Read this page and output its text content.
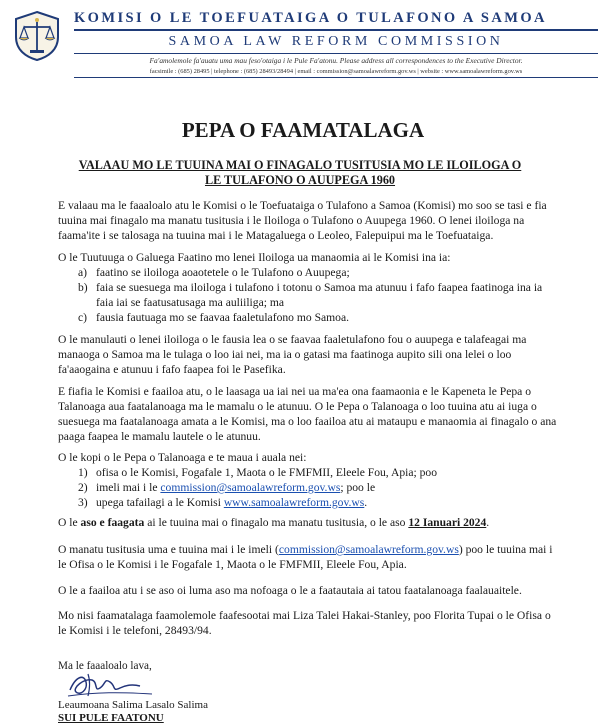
KOMISI O LE TOEFUATAIGA O TULAFONO A SAMOA
SAMOA LAW REFORM COMMISSION
Fa'amolemole fa'auatu uma mau feso'otaiga i le Pule Fa'atonu. Please address all correspondences to the Executive Director.
facsimile : (685) 28495 | telephone : (685) 28493/28494 | email : commission@samoalawreform.gov.ws | website : www.samoalawreform.gov.ws
PEPA O FAAMATALAGA
VALAAU MO LE TUUINA MAI O FINAGALO TUSITUSIA MO LE ILOILOGA O LE TULAFONO O AUUPEGA 1960

E valaau ma le faaaloalo atu le Komisi o le Toefuataiga o Tulafono a Samoa (Komisi) mo soo se tasi e fia tuuina mai finagalo ma manatu tusitusia i le Iloiloga o Tulafono o Auupega 1960. O lenei iloiloga na faama'ite i se talosaga na tuuina mai i le Matagaluega o Leoleo, Falepuipui ma le Toefuataiga.

O le Tuutuuga o Galuega Faatino mo lenei Iloiloga ua manaomia ai le Komisi ina ia:

a) faatino se iloiloga aoaotetele o le Tulafono o Auupega;
b) faia se suesuega ma iloiloga i tulafono i totonu o Samoa ma atunuu i fafo faapea faatinoga ina ia faia iai se faatusatusaga ma auliiliga; ma
c) fausia fautuaga mo se faavaa faaletulafono mo Samoa.

O le manulauti o lenei iloiloga o le fausia lea o se faavaa faaletulafono fou o auupega e talafeagai ma manaoga o Samoa ma le tulaga o loo iai nei, ma ia o gatasi ma faatinoga aupito sili ona lelei o loo fa'aaogaina e atunuu i fafo faapea foi le Pasefika.

E fiafia le Komisi e faailoa atu, o le laasaga ua iai nei ua ma'ea ona faamaonia e le Kapeneta le Pepa o Talanoaga aua faatalanoaga ma le mamalu o le atunuu. O le Pepa o Talanoaga o loo tuuina atu ai iuga o suesuega ma faatalanoaga amata a le Komisi, ma o loo faailoa atu ai mataupu e manaomia ai finagalo o ana paaga faapea le mamalu lautele o le atunuu.

O le kopi o le Pepa o Talanoaga e te maua i auala nei:

1) ofisa o le Komisi, Fogafale 1, Maota o le FMFMII, Eleele Fou, Apia; poo
2) imeli mai i le commission@samoalawreform.gov.ws; poo le
3) upega tafailagi a le Komisi www.samoalawreform.gov.ws.

O le aso e faagata ai le tuuina mai o finagalo ma manatu tusitusia, o le aso 12 Ianuari 2024.

O manatu tusitusia uma e tuuina mai i le imeli (commission@samoalawreform.gov.ws) poo le tuuina mai i le Ofisa o le Komisi i le Fogafale 1, Maota o le FMFMII, Eleele Fou, Apia.

O le a faailoa atu i se aso oi luma aso ma nofoaga o le a faatautaia ai tatou faatalanoaga faalauaitele.

Mo nisi faamatalaga faamolemole faafesootai mai Liza Talei Hakai-Stanley, poo Florita Tupai o le Ofisa o le Komisi i le telefoni, 28493/94.

Ma le faaaloalo lava,
Leaumoana Salima Lasalo Salima
SUI PULE FAATONU
